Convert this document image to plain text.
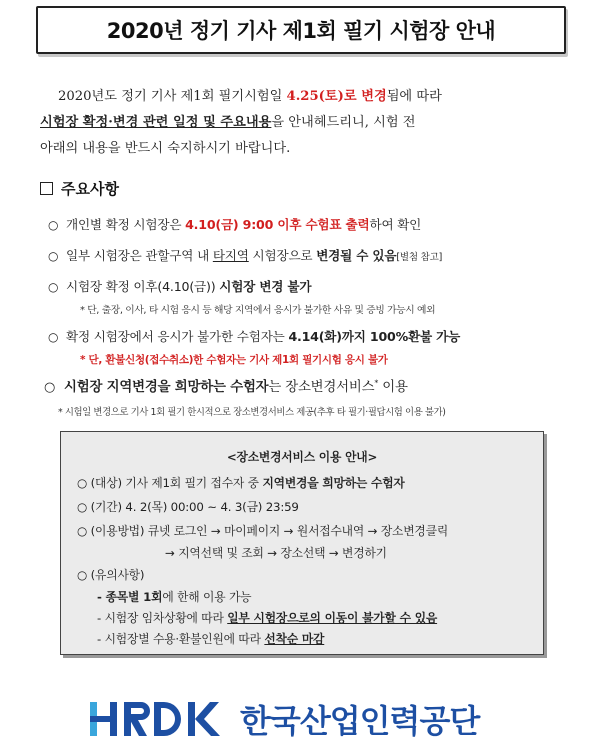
2020년 정기 기사 제1회 필기 시험장 안내
2020년도 정기 기사 제1회 필기시험일 4.25(토)로 변경됨에 따라
시험장 확정·변경 관련 일정 및 주요내용을 안내헤드리니, 시험 전
아래의 내용을 반드시 숙지하시기 바랍니다.
주요사항
○ 개인별 확정 시험장은 4.10(금) 9:00 이후 수험표 출력하여 확인
○ 일부 시험장은 관할구역 내 타지역 시험장으로 변경될 수 있음[별첨 참고]
○ 시험장 확정 이후(4.10(금)) 시험장 변경 불가
* 단, 출장, 이사, 타 시험 응시 등 해당 지역에서 응시가 불가한 사유 및 증빙 가능시 예외
○ 확정 시험장에서 응시가 불가한 수험자는 4.14(화)까지 100%환불 가능
* 단, 환불신청(접수취소)한 수험자는 기사 제1회 필기시험 응시 불가
○ 시험장 지역변경을 희망하는 수험자는 장소변경서비스* 이용
* 시험일 변경으로 기사 1회 필기 한시적으로 장소변경서비스 제공(추후 타 필기·필답시험 이용 불가)
<장소변경서비스 이용 안내>
○ (대상) 기사 제1회 필기 접수자 중 지역변경을 희망하는 수험자
○ (기간) 4. 2(목) 00:00 ~ 4. 3(금) 23:59
○ (이용방법) 큐넷 로그인 → 마이페이지 → 원서접수내역 → 장소변경클릭
→ 지역선택 및 조회 → 장소선택 → 변경하기
○ (유의사항)
- 종목별 1회에 한해 이용 가능
- 시험장 임차상황에 따라 일부 시험장으로의 이동이 불가할 수 있음
- 시험장별 수용·환불인원에 따라 선착순 마감
한국산업인력공단
